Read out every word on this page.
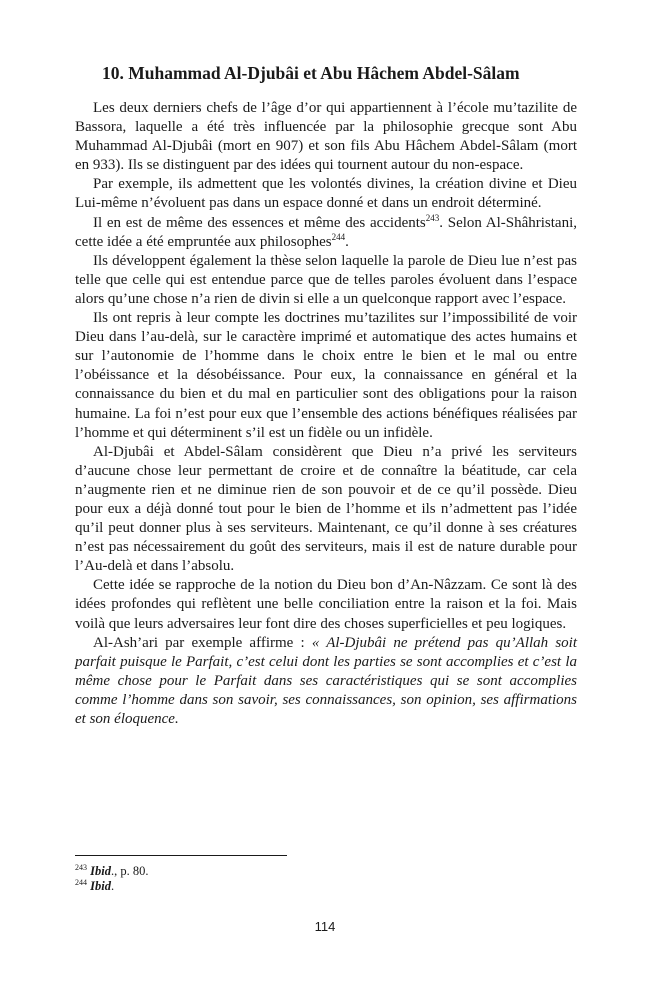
10. Muhammad Al-Djubâi et Abu Hâchem Abdel-Sâlam

Les deux derniers chefs de l’âge d’or qui appartiennent à l’école mu’tazilite de Bassora, laquelle a été très influencée par la philosophie grecque sont Abu Muhammad Al-Djubâi (mort en 907) et son fils Abu Hâchem Abdel-Sâlam (mort en 933). Ils se distinguent par des idées qui tournent autour du non-espace.

Par exemple, ils admettent que les volontés divines, la création divine et Dieu Lui-même n’évoluent pas dans un espace donné et dans un endroit déterminé.

Il en est de même des essences et même des accidents$^{243}$. Selon Al-Shâhristani, cette idée a été empruntée aux philosophes$^{244}$.

Ils développent également la thèse selon laquelle la parole de Dieu lue n’est pas telle que celle qui est entendue parce que de telles paroles évoluent dans l’espace alors qu’une chose n’a rien de divin si elle a un quelconque rapport avec l’espace.

Ils ont repris à leur compte les doctrines mu’tazilites sur l’impossibilité de voir Dieu dans l’au-delà, sur le caractère imprimé et automatique des actes humains et sur l’autonomie de l’homme dans le choix entre le bien et le mal ou entre l’obéissance et la désobéissance. Pour eux, la connaissance en général et la connaissance du bien et du mal en particulier sont des obligations pour la raison humaine. La foi n’est pour eux que l’ensemble des actions bénéfiques réalisées par l’homme et qui déterminent s’il est un fidèle ou un infidèle.

Al-Djubâi et Abdel-Sâlam considèrent que Dieu n’a privé les serviteurs d’aucune chose leur permettant de croire et de connaître la béatitude, car cela n’augmente rien et ne diminue rien de son pouvoir et de ce qu’il possède. Dieu pour eux a déjà donné tout pour le bien de l’homme et ils n’admettent pas l’idée qu’il peut donner plus à ses serviteurs. Maintenant, ce qu’il donne à ses créatures n’est pas nécessairement du goût des serviteurs, mais il est de nature durable pour l’Au-delà et dans l’absolu.

Cette idée se rapproche de la notion du Dieu bon d’An-Nâzzam. Ce sont là des idées profondes qui reflètent une belle conciliation entre la raison et la foi. Mais voilà que leurs adversaires leur font dire des choses superficielles et peu logiques.

Al-Ash’ari par exemple affirme : « Al-Djubâi ne prétend pas qu’Allah soit parfait puisque le Parfait, c’est celui dont les parties se sont accomplies et c’est la même chose pour le Parfait dans ses caractéristiques qui se sont accomplies comme l’homme dans son savoir, ses connaissances, son opinion, ses affirmations et son éloquence.

$^{243}$ Ibid., p. 80.
$^{244}$ Ibid.
114
